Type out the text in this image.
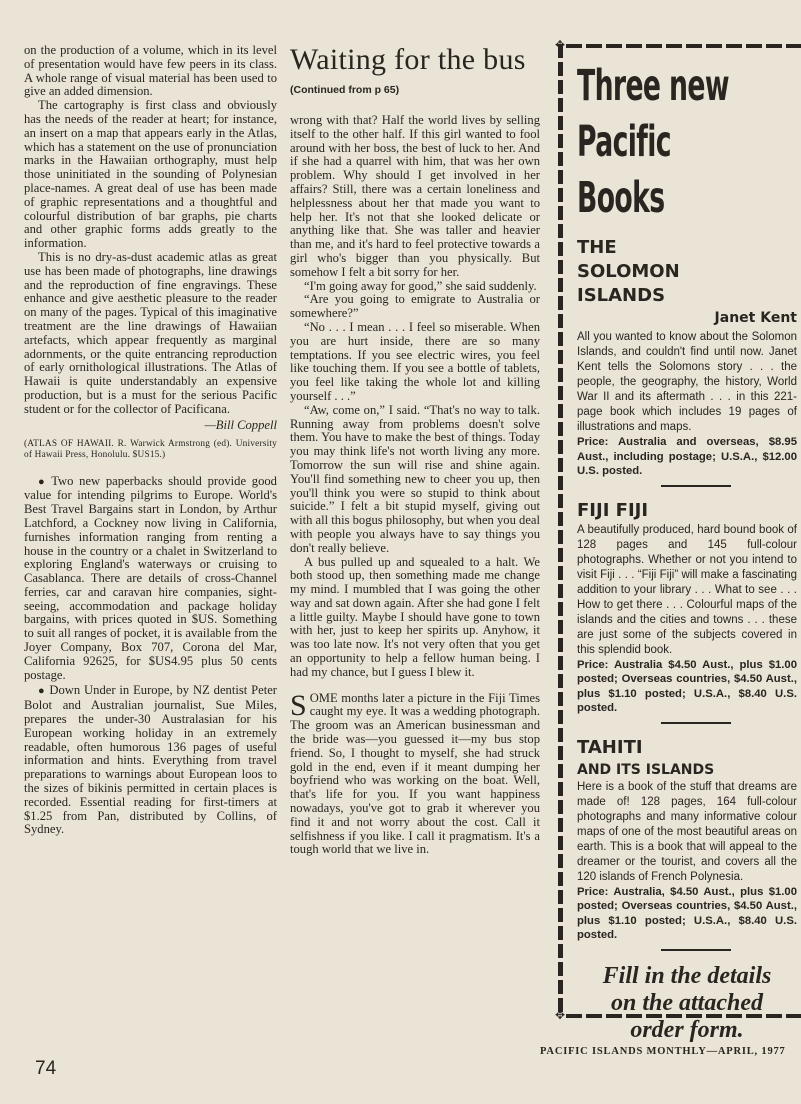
on the production of a volume, which in its level of presentation would have few peers in its class. A whole range of visual material has been used to give an added dimension.

The cartography is first class and obviously has the needs of the reader at heart; for instance, an insert on a map that appears early in the Atlas, which has a statement on the use of pronunciation marks in the Hawaiian orthography, must help those uninitiated in the sounding of Polynesian place-names. A great deal of use has been made of graphic representations and a thoughtful and colourful distribution of bar graphs, pie charts and other graphic forms adds greatly to the information.

This is no dry-as-dust academic atlas as great use has been made of photographs, line drawings and the reproduction of fine engravings. These enhance and give aesthetic pleasure to the reader on many of the pages. Typical of this imaginative treatment are the line drawings of Hawaiian artefacts, which appear frequently as marginal adornments, or the quite entrancing reproduction of early ornithological illustrations. The Atlas of Hawaii is quite understandably an expensive production, but is a must for the serious Pacific student or for the collector of Pacificana.

—Bill Coppell
(ATLAS OF HAWAII. R. Warwick Armstrong (ed). University of Hawaii Press, Honolulu. $US15.)

● Two new paperbacks should provide good value for intending pilgrims to Europe. World's Best Travel Bargains start in London, by Arthur Latchford, a Cockney now living in California, furnishes information ranging from renting a house in the country or a chalet in Switzerland to exploring England's waterways or cruising to Casablanca. There are details of cross-Channel ferries, car and caravan hire companies, sight-seeing, accommodation and package holiday bargains, with prices quoted in $US. Something to suit all ranges of pocket, it is available from the Joyer Company, Box 707, Corona del Mar, California 92625, for $US4.95 plus 50 cents postage.

● Down Under in Europe, by NZ dentist Peter Bolot and Australian journalist, Sue Miles, prepares the under-30 Australasian for his European working holiday in an extremely readable, often humorous 136 pages of useful information and hints. Everything from travel preparations to warnings about European loos to the sizes of bikinis permitted in certain places is recorded. Essential reading for first-timers at $1.25 from Pan, distributed by Collins, of Sydney.

Waiting for the bus
(Continued from p 65)

wrong with that? Half the world lives by selling itself to the other half. If this girl wanted to fool around with her boss, the best of luck to her. And if she had a quarrel with him, that was her own problem. Why should I get involved in her affairs? Still, there was a certain loneliness and helplessness about her that made you want to help her. It's not that she looked delicate or anything like that. She was taller and heavier than me, and it's hard to feel protective towards a girl who's bigger than you physically. But somehow I felt a bit sorry for her.

“I'm going away for good,” she said suddenly.

“Are you going to emigrate to Australia or somewhere?”

“No . . . I mean . . . I feel so miserable. When you are hurt inside, there are so many temptations. If you see electric wires, you feel like touching them. If you see a bottle of tablets, you feel like taking the whole lot and killing yourself . . .”

“Aw, come on,” I said. “That's no way to talk. Running away from problems doesn't solve them. You have to make the best of things. Today you may think life's not worth living any more. Tomorrow the sun will rise and shine again. You'll find something new to cheer you up, then you'll think you were so stupid to think about suicide.” I felt a bit stupid myself, giving out with all this bogus philosophy, but when you deal with people you always have to say things you don't really believe.

A bus pulled up and squealed to a halt. We both stood up, then something made me change my mind. I mumbled that I was going the other way and sat down again. After she had gone I felt a little guilty. Maybe I should have gone to town with her, just to keep her spirits up. Anyhow, it was too late now. It's not very often that you get an opportunity to help a fellow human being. I had my chance, but I guess I blew it.

SOME months later a picture in the Fiji Times caught my eye. It was a wedding photograph. The groom was an American businessman and the bride was—you guessed it—my bus stop friend. So, I thought to myself, she had struck gold in the end, even if it meant dumping her boyfriend who was working on the boat. Well, that's life for you. If you want happiness nowadays, you've got to grab it wherever you find it and not worry about the cost. Call it selfishness if you like. I call it pragmatism. It's a tough world that we live in.

✥
✥
Three new
Pacific
Books
THE
SOLOMON
ISLANDS
Janet Kent

All you wanted to know about the Solomon Islands, and couldn't find until now. Janet Kent tells the Solomons story . . . the people, the geography, the history, World War II and its aftermath . . . in this 221-page book which includes 19 pages of illustrations and maps.

Price: Australia and overseas, $8.95 Aust., including postage; U.S.A., $12.00 U.S. posted.

FIJI FIJI

A beautifully produced, hard bound book of 128 pages and 145 full-colour photographs. Whether or not you intend to visit Fiji . . . “Fiji Fiji” will make a fascinating addition to your library . . . What to see . . . How to get there . . . Colourful maps of the islands and the cities and towns . . . these are just some of the subjects covered in this splendid book.

Price: Australia $4.50 Aust., plus $1.00 posted; Overseas countries, $4.50 Aust., plus $1.10 posted; U.S.A., $8.40 U.S. posted.

TAHITI
AND ITS ISLANDS

Here is a book of the stuff that dreams are made of! 128 pages, 164 full-colour photographs and many informative colour maps of one of the most beautiful areas on earth. This is a book that will appeal to the dreamer or the tourist, and covers all the 120 islands of French Polynesia.

Price: Australia, $4.50 Aust., plus $1.00 posted; Overseas countries, $4.50 Aust., plus $1.10 posted; U.S.A., $8.40 U.S. posted.

Fill in the details
on the attached
order form.
PACIFIC ISLANDS MONTHLY—APRIL, 1977
74
